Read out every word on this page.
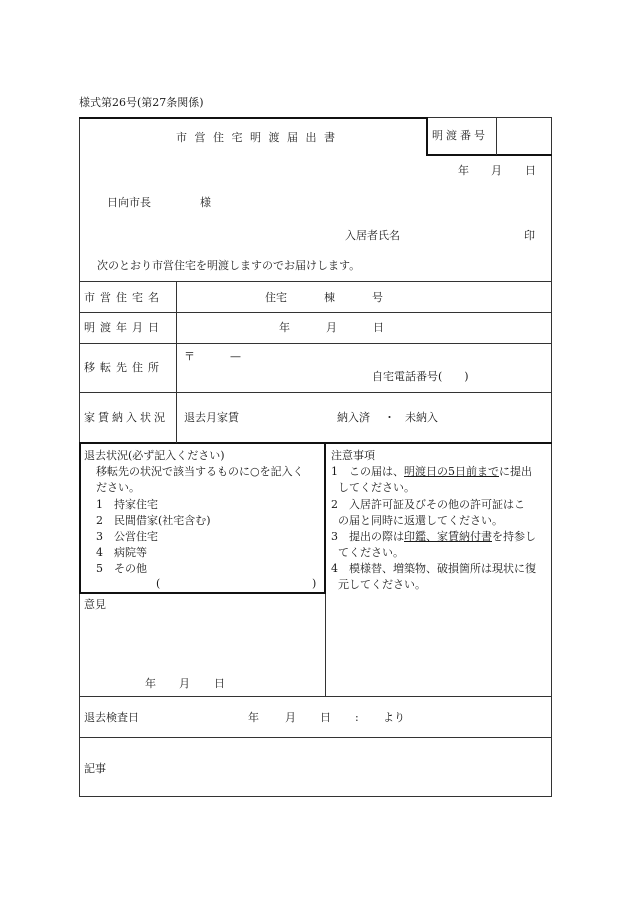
様式第26号(第27条関係)
市 営 住 宅 明 渡 届 出 書	明渡番号
年 月 日
日向市長	様
入居者氏名	印
次のとおり市営住宅を明渡しますのでお届けします。
市営住宅名	住宅	棟	号
明渡年月日	年	月	日
移転先住所
〒	—
自宅電話番号(　　)
家賃納入状況 退去月家賃	納入済 ・ 未納入
退去状況(必ず記入ください)
移転先の状況で該当するものに○を記入く
ださい。
1　持家住宅
2　民間借家(社宅含む)
3　公営住宅
4　病院等
5　その他
(	)
注意事項
1　この届は、明渡日の5日前までに提出
してください。
2　入居許可証及びその他の許可証はこ
の届と同時に返還してください。
3　提出の際は印鑑、家賃納付書を持参し
てください。
4　模様替、増築物、破損箇所は現状に復
元してください。
意見
年 月 日
退去検査日	年 月 日 : より
記事
